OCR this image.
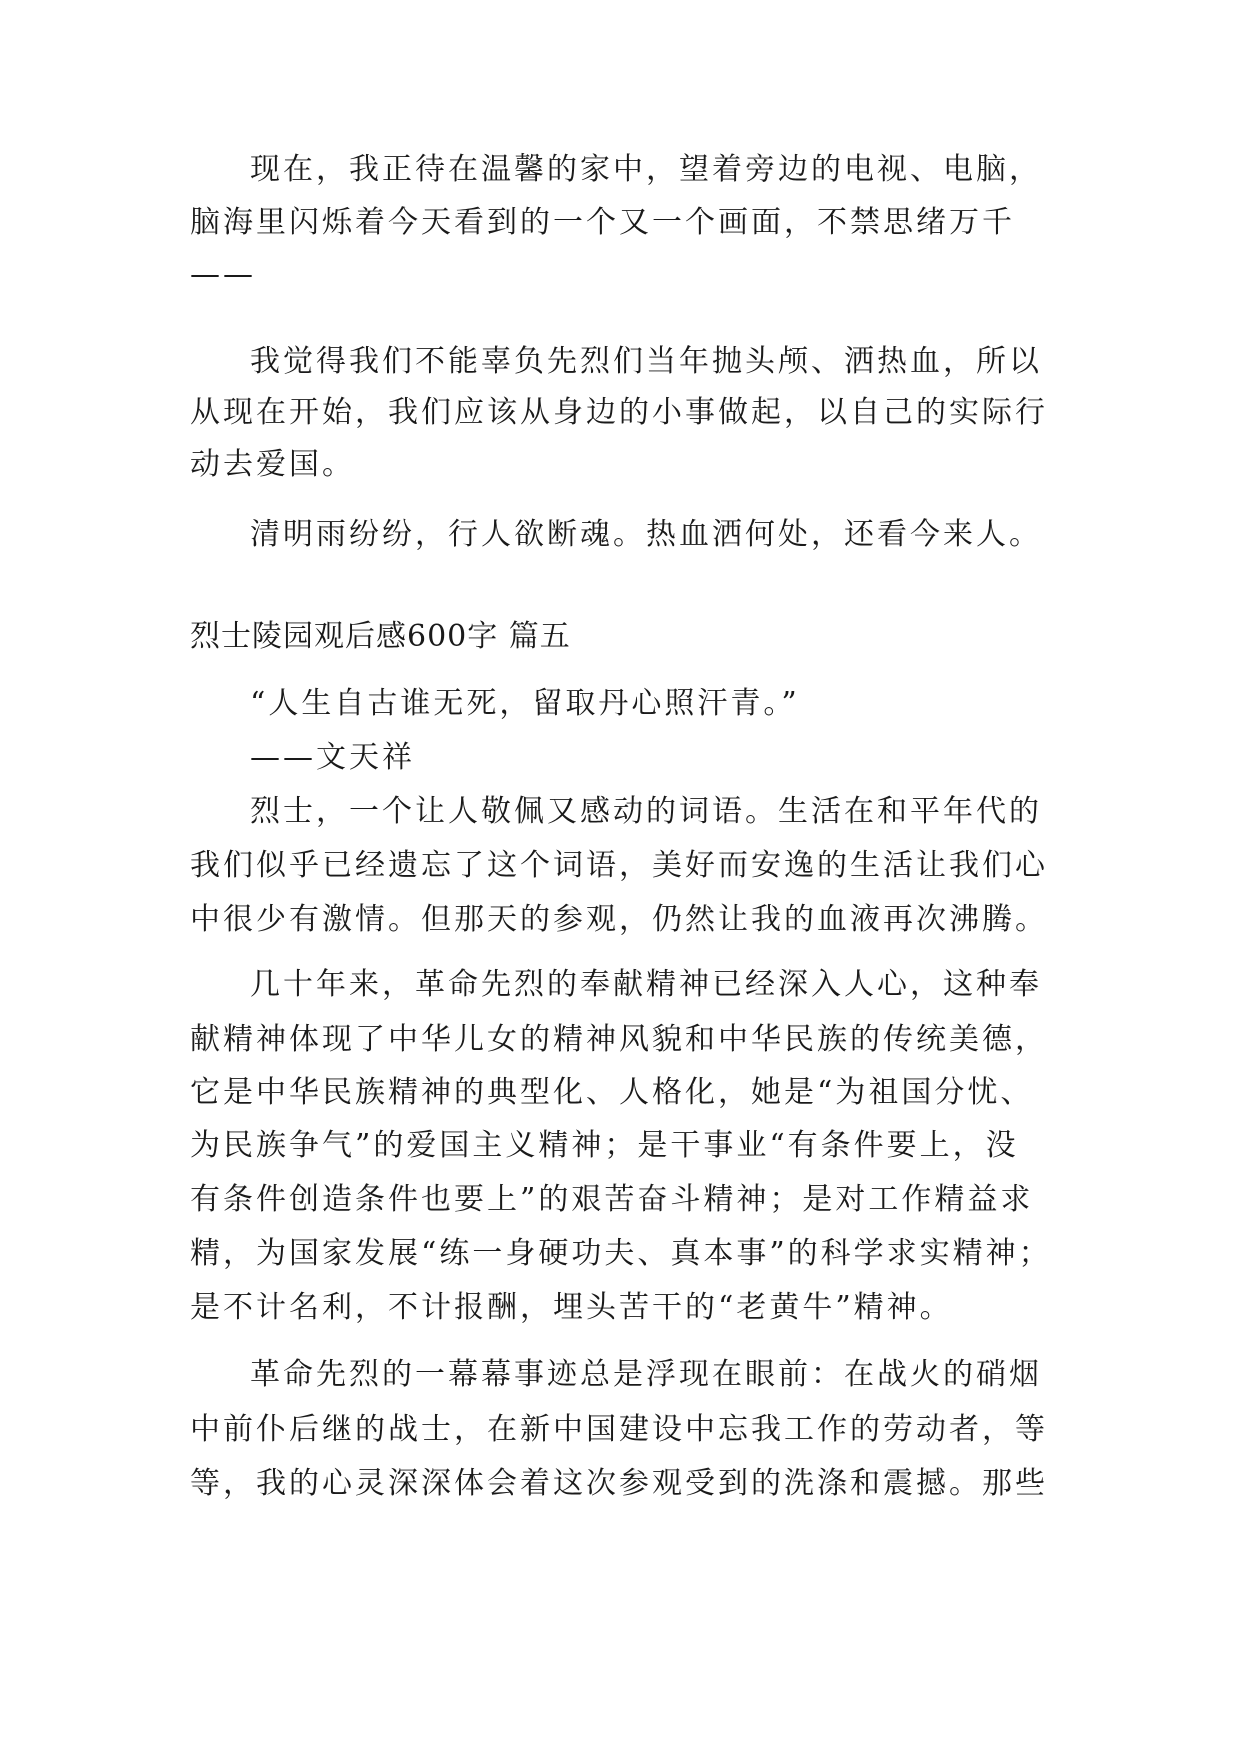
现在，我正待在温馨的家中，望着旁边的电视、电脑，
脑海里闪烁着今天看到的一个又一个画面，不禁思绪万千
——
我觉得我们不能辜负先烈们当年抛头颅、洒热血，所以
从现在开始，我们应该从身边的小事做起，以自己的实际行
动去爱国。
清明雨纷纷，行人欲断魂。热血洒何处，还看今来人。
烈士陵园观后感600字 篇五
“人生自古谁无死，留取丹心照汗青。”
——文天祥
烈士，一个让人敬佩又感动的词语。生活在和平年代的
我们似乎已经遗忘了这个词语，美好而安逸的生活让我们心
中很少有激情。但那天的参观，仍然让我的血液再次沸腾。
几十年来，革命先烈的奉献精神已经深入人心，这种奉
献精神体现了中华儿女的精神风貌和中华民族的传统美德，
它是中华民族精神的典型化、人格化，她是“为祖国分忧、
为民族争气”的爱国主义精神；是干事业“有条件要上，没
有条件创造条件也要上”的艰苦奋斗精神；是对工作精益求
精，为国家发展“练一身硬功夫、真本事”的科学求实精神；
是不计名利，不计报酬，埋头苦干的“老黄牛”精神。
革命先烈的一幕幕事迹总是浮现在眼前：在战火的硝烟
中前仆后继的战士，在新中国建设中忘我工作的劳动者，等
等，我的心灵深深体会着这次参观受到的洗涤和震撼。那些
